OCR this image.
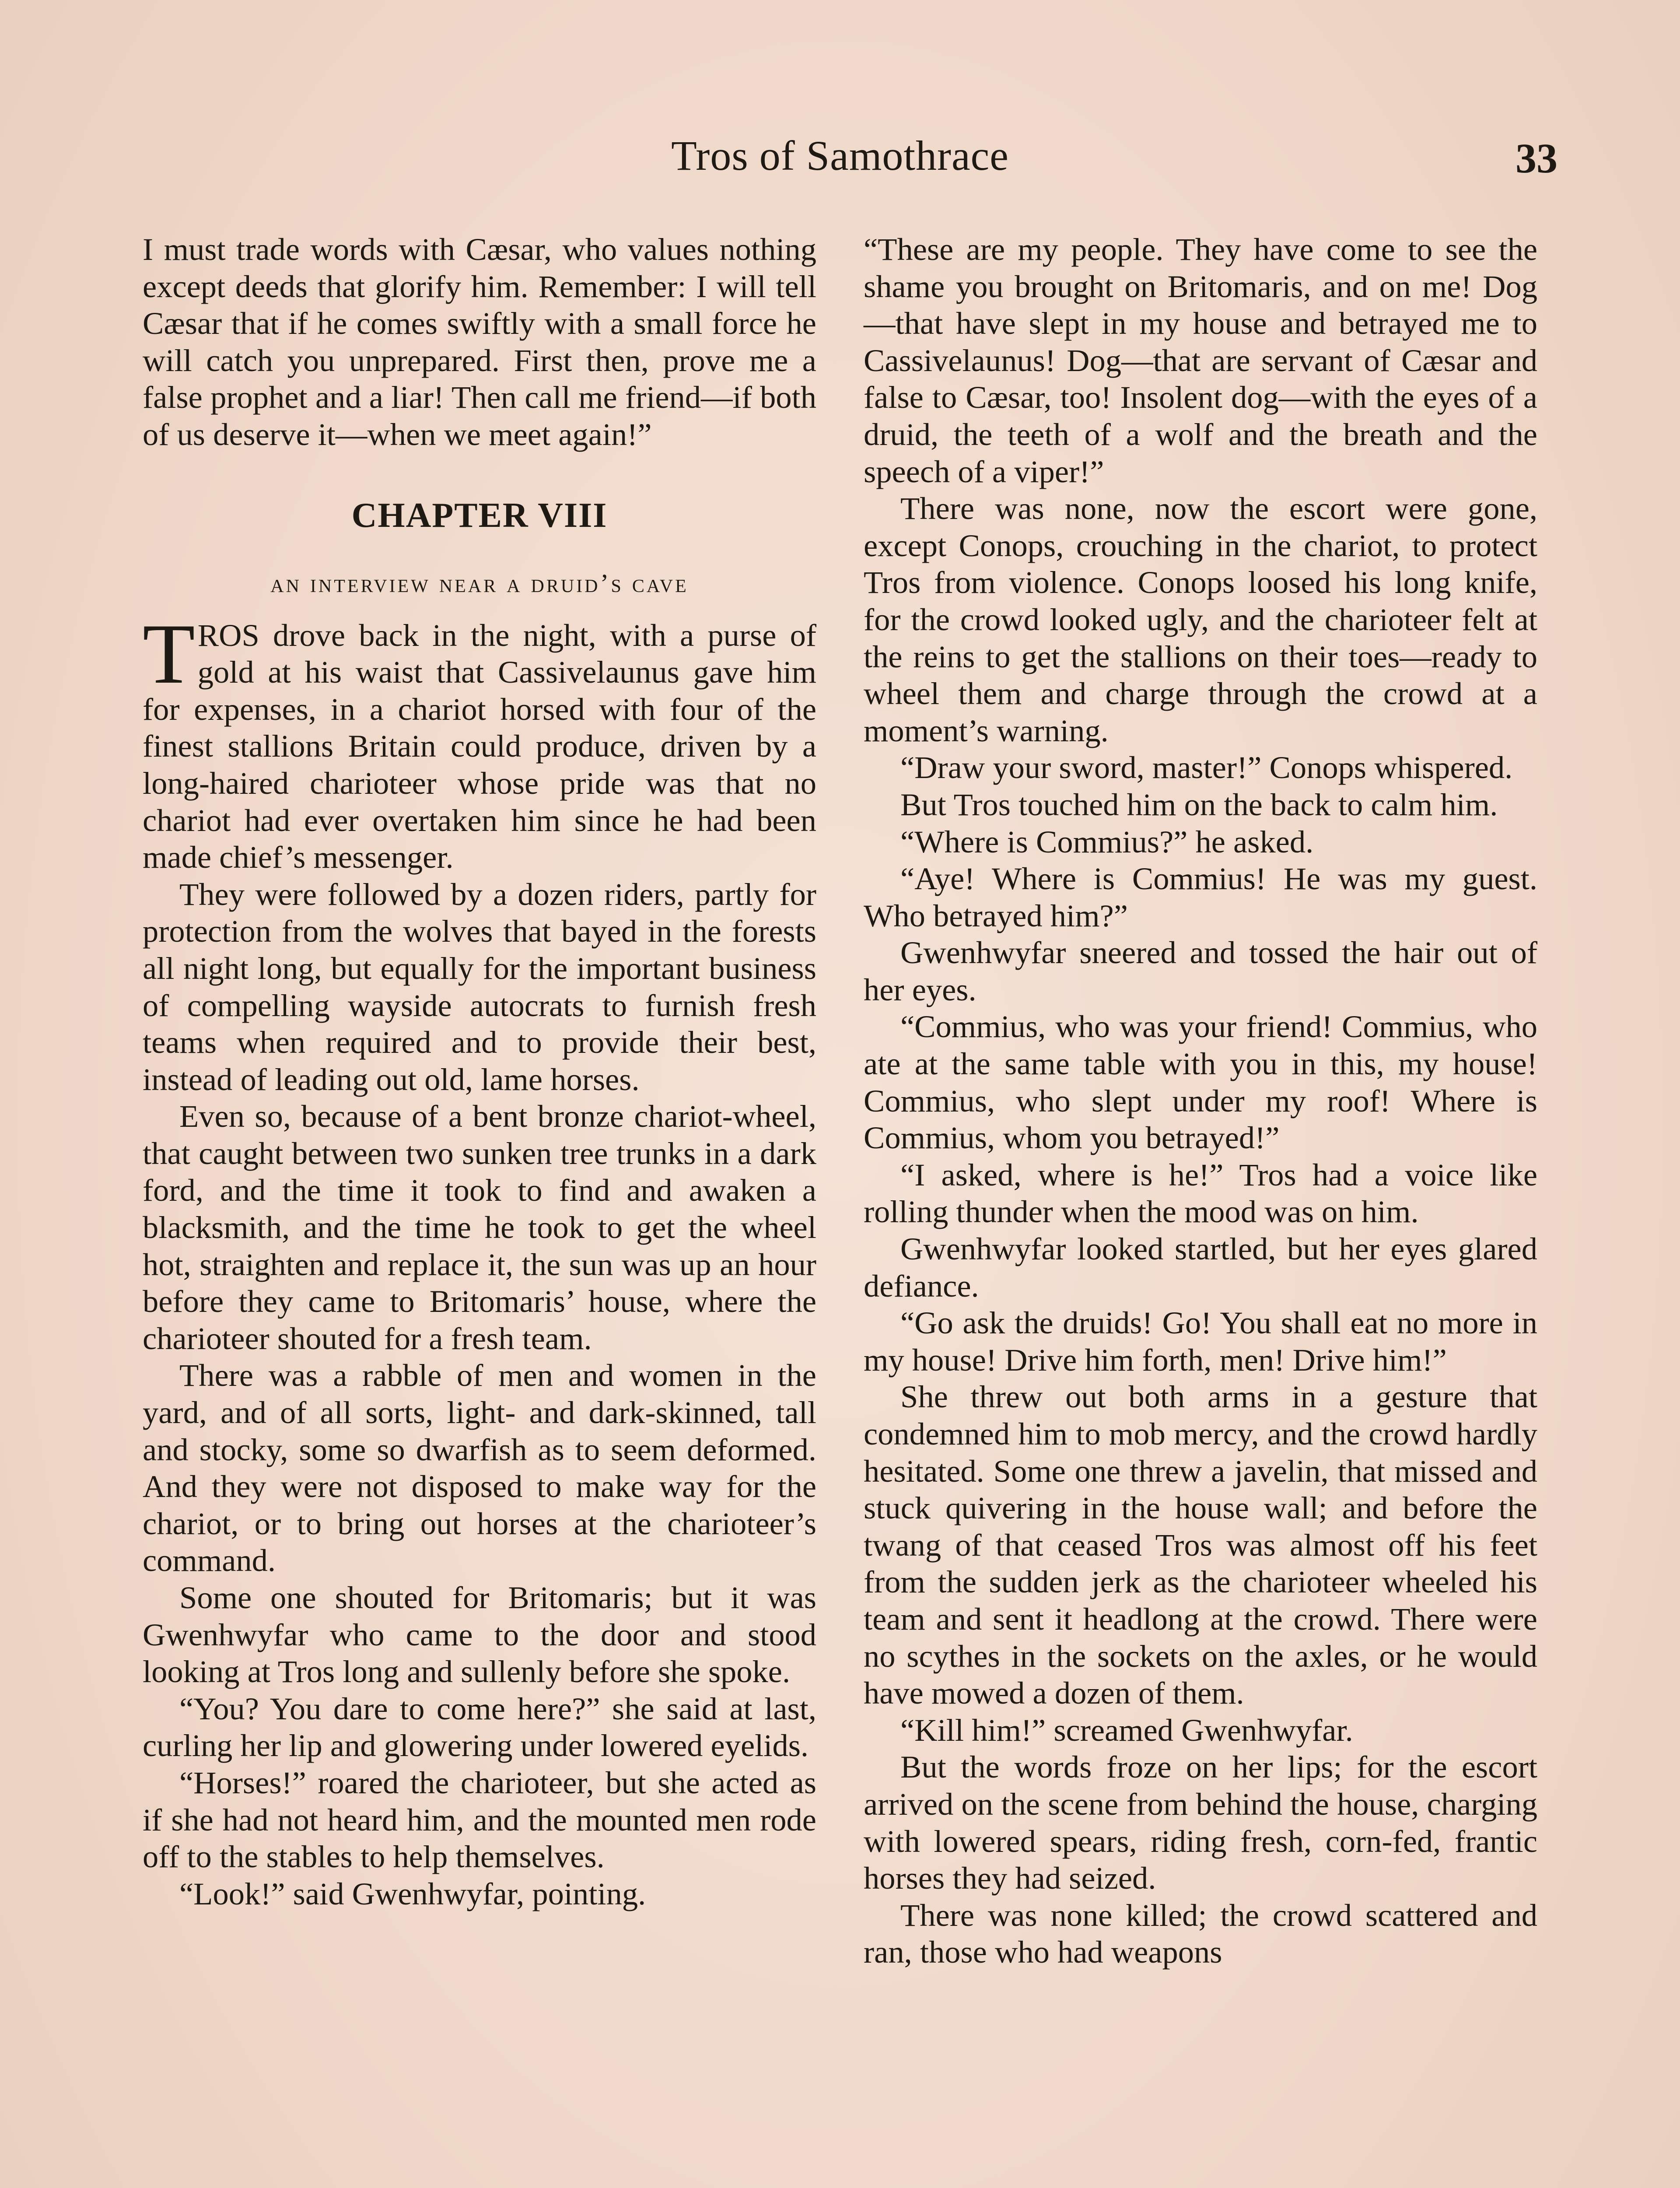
Tros of Samothrace	33

I must trade words with Cæsar, who values nothing except deeds that glorify him. Remember: I will tell Cæsar that if he comes swiftly with a small force he will catch you unprepared. First then, prove me a false prophet and a liar! Then call me friend—if both of us deserve it—when we meet again!”

CHAPTER VIII
an interview near a druid’s cave

TROS drove back in the night, with a purse of gold at his waist that Cassivelaunus gave him for expenses, in a chariot horsed with four of the finest stallions Britain could produce, driven by a long-haired charioteer whose pride was that no chariot had ever overtaken him since he had been made chief’s messenger.

They were followed by a dozen riders, partly for protection from the wolves that bayed in the forests all night long, but equally for the important business of compelling wayside autocrats to furnish fresh teams when required and to provide their best, instead of leading out old, lame horses.

Even so, because of a bent bronze chariot-wheel, that caught between two sunken tree trunks in a dark ford, and the time it took to find and awaken a blacksmith, and the time he took to get the wheel hot, straighten and replace it, the sun was up an hour before they came to Britomaris’ house, where the charioteer shouted for a fresh team.

There was a rabble of men and women in the yard, and of all sorts, light- and dark-skinned, tall and stocky, some so dwarfish as to seem deformed. And they were not disposed to make way for the chariot, or to bring out horses at the charioteer’s command.

Some one shouted for Britomaris; but it was Gwenhwyfar who came to the door and stood looking at Tros long and sullenly before she spoke.

“You? You dare to come here?” she said at last, curling her lip and glowering under lowered eyelids.

“Horses!” roared the charioteer, but she acted as if she had not heard him, and the mounted men rode off to the stables to help themselves.

“Look!” said Gwenhwyfar, pointing.

“These are my people. They have come to see the shame you brought on Britomaris, and on me! Dog—that have slept in my house and betrayed me to Cassivelaunus! Dog—that are servant of Cæsar and false to Cæsar, too! Insolent dog—with the eyes of a druid, the teeth of a wolf and the breath and the speech of a viper!”

There was none, now the escort were gone, except Conops, crouching in the chariot, to protect Tros from violence. Conops loosed his long knife, for the crowd looked ugly, and the charioteer felt at the reins to get the stallions on their toes—ready to wheel them and charge through the crowd at a moment’s warning.

“Draw your sword, master!” Conops whispered.

But Tros touched him on the back to calm him.

“Where is Commius?” he asked.

“Aye! Where is Commius! He was my guest. Who betrayed him?”

Gwenhwyfar sneered and tossed the hair out of her eyes.

“Commius, who was your friend! Commius, who ate at the same table with you in this, my house! Commius, who slept under my roof! Where is Commius, whom you betrayed!”

“I asked, where is he!” Tros had a voice like rolling thunder when the mood was on him.

Gwenhwyfar looked startled, but her eyes glared defiance.

“Go ask the druids! Go! You shall eat no more in my house! Drive him forth, men! Drive him!”

She threw out both arms in a gesture that condemned him to mob mercy, and the crowd hardly hesitated. Some one threw a javelin, that missed and stuck quivering in the house wall; and before the twang of that ceased Tros was almost off his feet from the sudden jerk as the charioteer wheeled his team and sent it headlong at the crowd. There were no scythes in the sockets on the axles, or he would have mowed a dozen of them.

“Kill him!” screamed Gwenhwyfar.

But the words froze on her lips; for the escort arrived on the scene from behind the house, charging with lowered spears, riding fresh, corn-fed, frantic horses they had seized.

There was none killed; the crowd scattered and ran, those who had weapons
